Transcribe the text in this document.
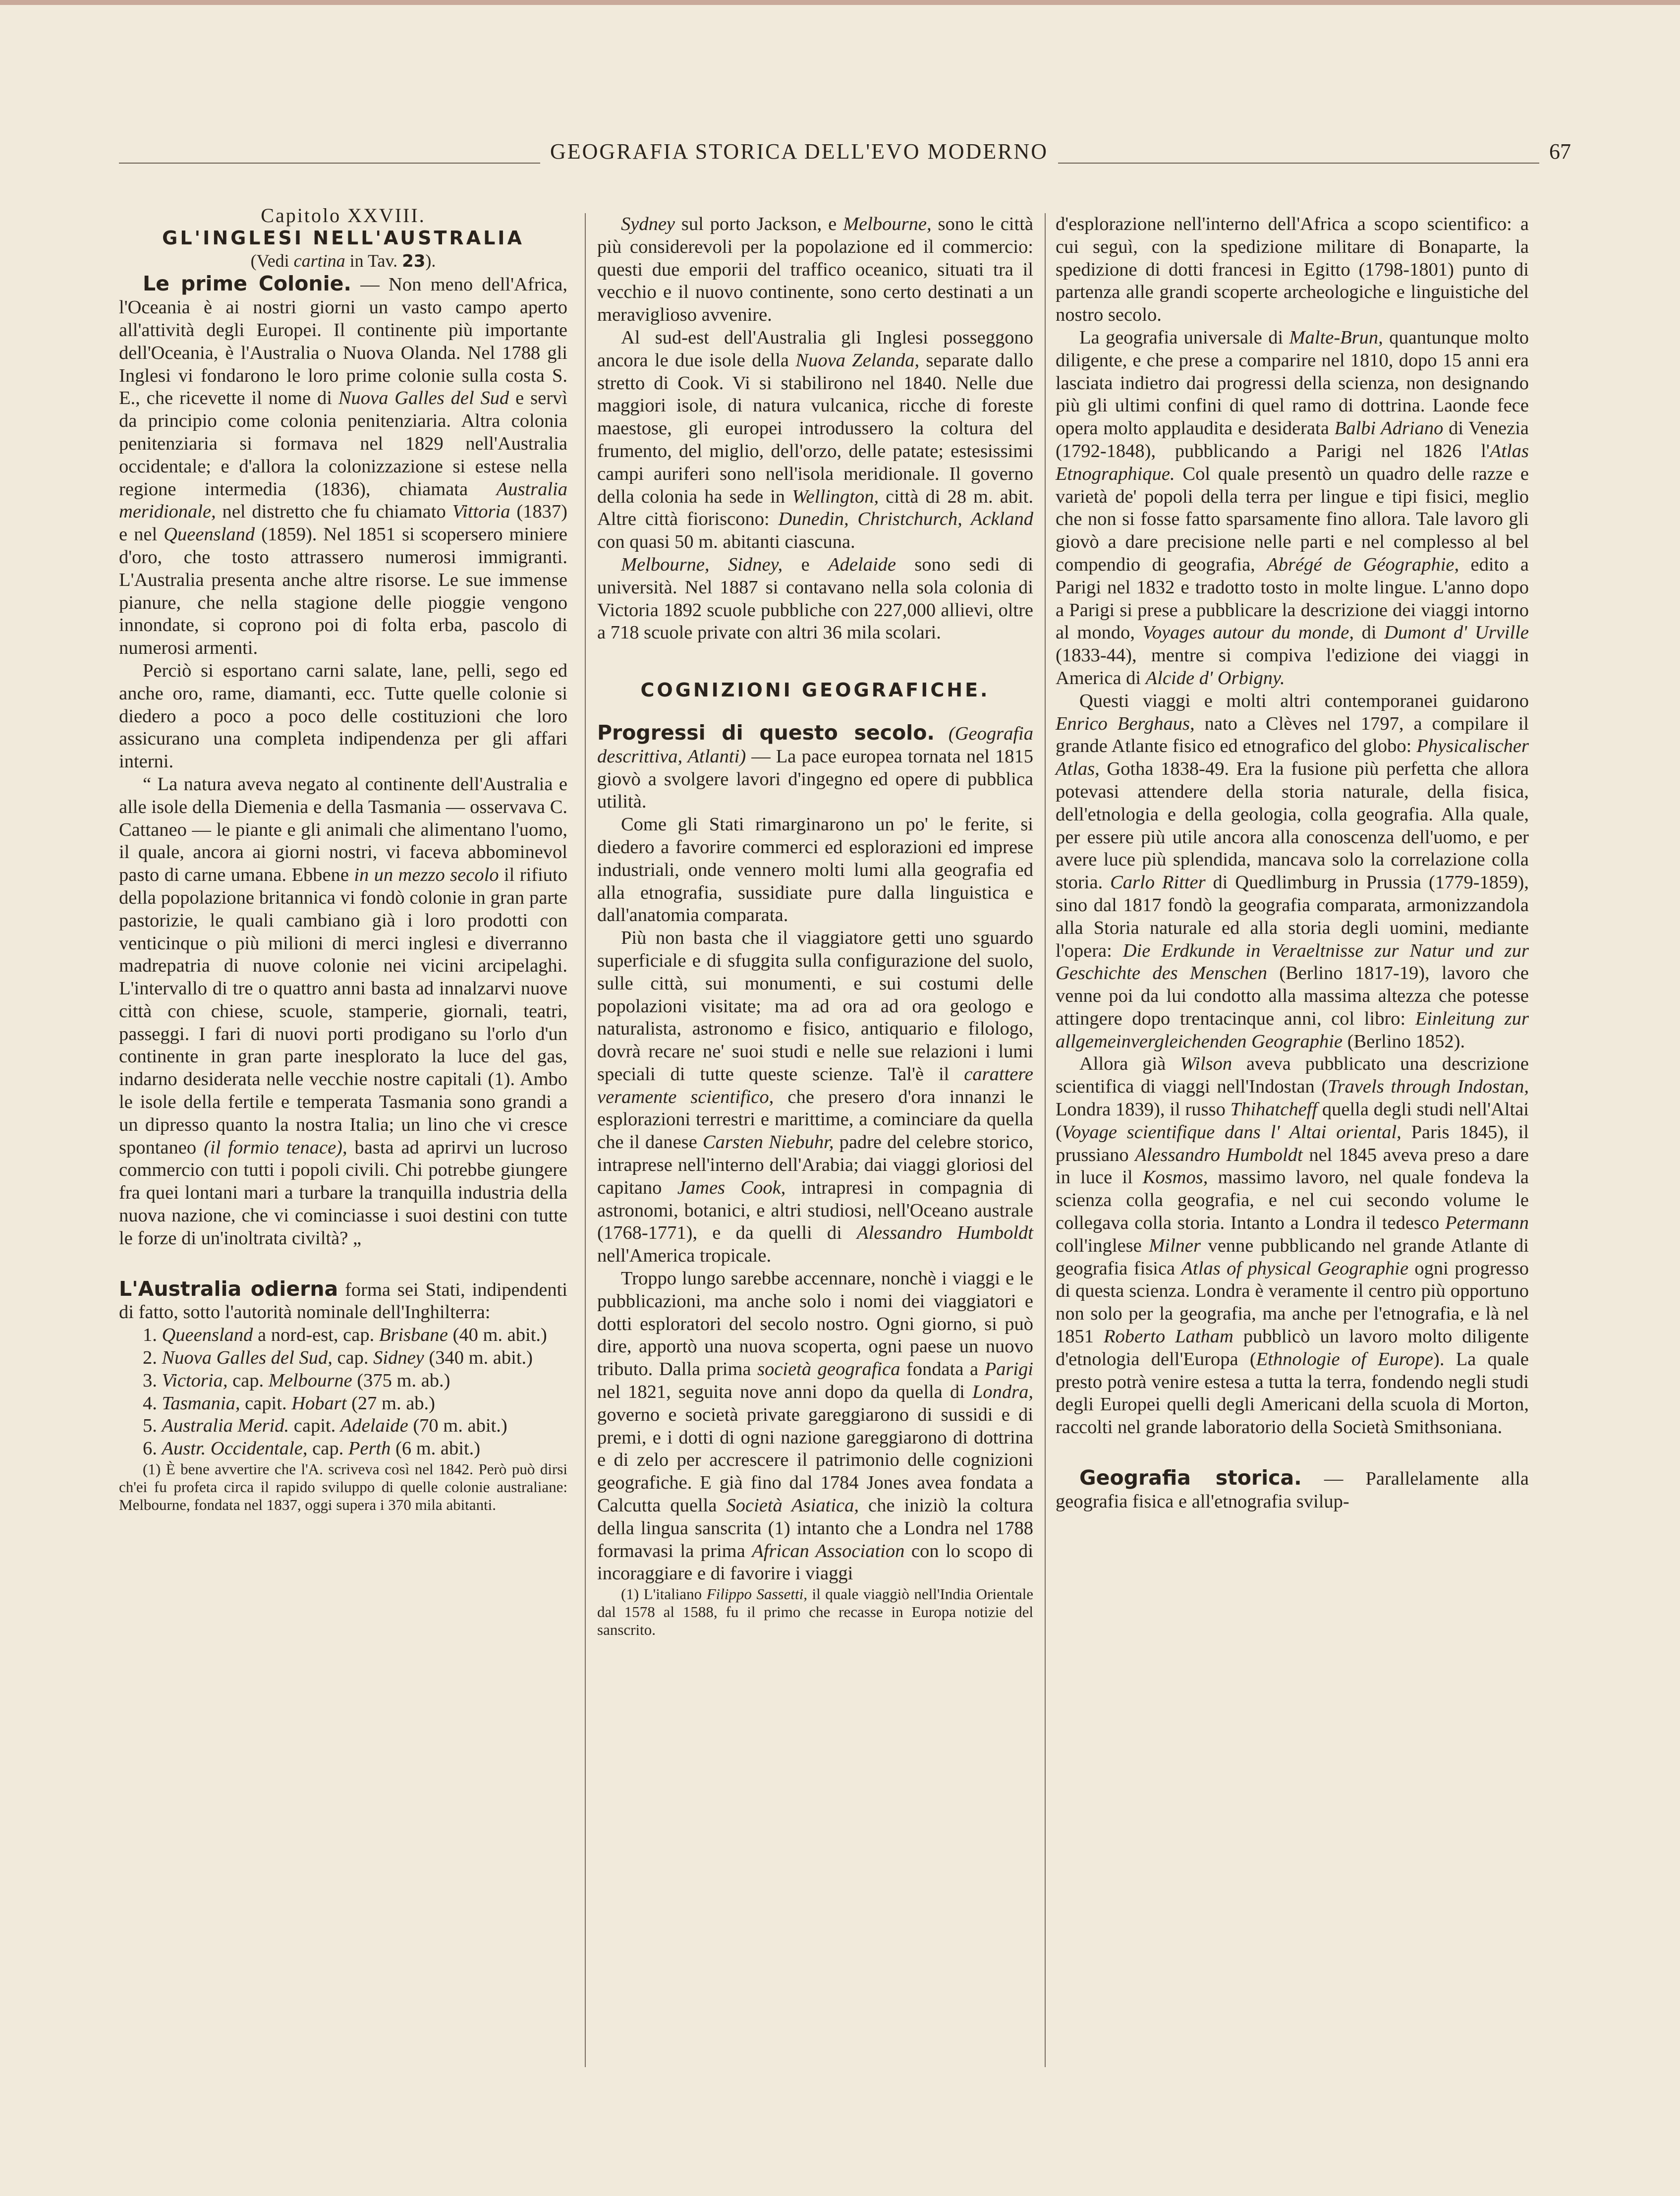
GEOGRAFIA STORICA DELL'EVO MODERNO	67

Capitolo XXVIII.

GL'INGLESI NELL'AUSTRALIA

(Vedi cartina in Tav. 23).

Le prime Colonie. — Non meno dell'Africa, l'Oceania è ai nostri giorni un vasto campo aperto all'attività degli Europei. Il continente più importante dell'Oceania, è l'Australia o Nuova Olanda. Nel 1788 gli Inglesi vi fondarono le loro prime colonie sulla costa S. E., che ricevette il nome di Nuova Galles del Sud e servì da principio come colonia penitenziaria. Altra colonia penitenziaria si formava nel 1829 nell'Australia occidentale; e d'allora la colonizzazione si estese nella regione intermedia (1836), chiamata Australia meridionale, nel distretto che fu chiamato Vittoria (1837) e nel Queensland (1859). Nel 1851 si scopersero miniere d'oro, che tosto attrassero numerosi immigranti. L'Australia presenta anche altre risorse. Le sue immense pianure, che nella stagione delle pioggie vengono innondate, si coprono poi di folta erba, pascolo di numerosi armenti.

Perciò si esportano carni salate, lane, pelli, sego ed anche oro, rame, diamanti, ecc. Tutte quelle colonie si diedero a poco a poco delle costituzioni che loro assicurano una completa indipendenza per gli affari interni.

“ La natura aveva negato al continente dell'Australia e alle isole della Diemenia e della Tasmania — osservava C. Cattaneo — le piante e gli animali che alimentano l'uomo, il quale, ancora ai giorni nostri, vi faceva abbominevol pasto di carne umana. Ebbene in un mezzo secolo il rifiuto della popolazione britannica vi fondò colonie in gran parte pastorizie, le quali cambiano già i loro prodotti con venticinque o più milioni di merci inglesi e diverranno madrepatria di nuove colonie nei vicini arcipelaghi. L'intervallo di tre o quattro anni basta ad innalzarvi nuove città con chiese, scuole, stamperie, giornali, teatri, passeggi. I fari di nuovi porti prodigano su l'orlo d'un continente in gran parte inesplorato la luce del gas, indarno desiderata nelle vecchie nostre capitali (1). Ambo le isole della fertile e temperata Tasmania sono grandi a un dipresso quanto la nostra Italia; un lino che vi cresce spontaneo (il formio tenace), basta ad aprirvi un lucroso commercio con tutti i popoli civili. Chi potrebbe giungere fra quei lontani mari a turbare la tranquilla industria della nuova nazione, che vi cominciasse i suoi destini con tutte le forze di un'inoltrata civiltà? „

L'Australia odierna forma sei Stati, indipendenti di fatto, sotto l'autorità nominale dell'Inghilterra:

1. Queensland a nord-est, cap. Brisbane (40 m. abit.)

2. Nuova Galles del Sud, cap. Sidney (340 m. abit.)

3. Victoria, cap. Melbourne (375 m. ab.)

4. Tasmania, capit. Hobart (27 m. ab.)

5. Australia Merid. capit. Adelaide (70 m. abit.)

6. Austr. Occidentale, cap. Perth (6 m. abit.)

(1) È bene avvertire che l'A. scriveva così nel 1842. Però può dirsi ch'ei fu profeta circa il rapido sviluppo di quelle colonie australiane: Melbourne, fondata nel 1837, oggi supera i 370 mila abitanti.

Sydney sul porto Jackson, e Melbourne, sono le città più considerevoli per la popolazione ed il commercio: questi due emporii del traffico oceanico, situati tra il vecchio e il nuovo continente, sono certo destinati a un meraviglioso avvenire.

Al sud-est dell'Australia gli Inglesi posseggono ancora le due isole della Nuova Zelanda, separate dallo stretto di Cook. Vi si stabilirono nel 1840. Nelle due maggiori isole, di natura vulcanica, ricche di foreste maestose, gli europei introdussero la coltura del frumento, del miglio, dell'orzo, delle patate; estesissimi campi auriferi sono nell'isola meridionale. Il governo della colonia ha sede in Wellington, città di 28 m. abit. Altre città fioriscono: Dunedin, Christchurch, Ackland con quasi 50 m. abitanti ciascuna.

Melbourne, Sidney, e Adelaide sono sedi di università. Nel 1887 si contavano nella sola colonia di Victoria 1892 scuole pubbliche con 227,000 allievi, oltre a 718 scuole private con altri 36 mila scolari.

COGNIZIONI GEOGRAFICHE.

Progressi di questo secolo. (Geografia descrittiva, Atlanti) — La pace europea tornata nel 1815 giovò a svolgere lavori d'ingegno ed opere di pubblica utilità.

Come gli Stati rimarginarono un po' le ferite, si diedero a favorire commerci ed esplorazioni ed imprese industriali, onde vennero molti lumi alla geografia ed alla etnografia, sussidiate pure dalla linguistica e dall'anatomia comparata.

Più non basta che il viaggiatore getti uno sguardo superficiale e di sfuggita sulla configurazione del suolo, sulle città, sui monumenti, e sui costumi delle popolazioni visitate; ma ad ora ad ora geologo e naturalista, astronomo e fisico, antiquario e filologo, dovrà recare ne' suoi studi e nelle sue relazioni i lumi speciali di tutte queste scienze. Tal'è il carattere veramente scientifico, che presero d'ora innanzi le esplorazioni terrestri e marittime, a cominciare da quella che il danese Carsten Niebuhr, padre del celebre storico, intraprese nell'interno dell'Arabia; dai viaggi gloriosi del capitano James Cook, intrapresi in compagnia di astronomi, botanici, e altri studiosi, nell'Oceano australe (1768-1771), e da quelli di Alessandro Humboldt nell'America tropicale.

Troppo lungo sarebbe accennare, nonchè i viaggi e le pubblicazioni, ma anche solo i nomi dei viaggiatori e dotti esploratori del secolo nostro. Ogni giorno, si può dire, apportò una nuova scoperta, ogni paese un nuovo tributo. Dalla prima società geografica fondata a Parigi nel 1821, seguita nove anni dopo da quella di Londra, governo e società private gareggiarono di sussidi e di premi, e i dotti di ogni nazione gareggiarono di dottrina e di zelo per accrescere il patrimonio delle cognizioni geografiche. E già fino dal 1784 Jones avea fondata a Calcutta quella Società Asiatica, che iniziò la coltura della lingua sanscrita (1) intanto che a Londra nel 1788 formavasi la prima African Association con lo scopo di incoraggiare e di favorire i viaggi

(1) L'italiano Filippo Sassetti, il quale viaggiò nell'India Orientale dal 1578 al 1588, fu il primo che recasse in Europa notizie del sanscrito.

d'esplorazione nell'interno dell'Africa a scopo scientifico: a cui seguì, con la spedizione militare di Bonaparte, la spedizione di dotti francesi in Egitto (1798-1801) punto di partenza alle grandi scoperte archeologiche e linguistiche del nostro secolo.

La geografia universale di Malte-Brun, quantunque molto diligente, e che prese a comparire nel 1810, dopo 15 anni era lasciata indietro dai progressi della scienza, non designando più gli ultimi confini di quel ramo di dottrina. Laonde fece opera molto applaudita e desiderata Balbi Adriano di Venezia (1792-1848), pubblicando a Parigi nel 1826 l'Atlas Etnographique. Col quale presentò un quadro delle razze e varietà de' popoli della terra per lingue e tipi fisici, meglio che non si fosse fatto sparsamente fino allora. Tale lavoro gli giovò a dare precisione nelle parti e nel complesso al bel compendio di geografia, Abrégé de Géographie, edito a Parigi nel 1832 e tradotto tosto in molte lingue. L'anno dopo a Parigi si prese a pubblicare la descrizione dei viaggi intorno al mondo, Voyages autour du monde, di Dumont d' Urville (1833-44), mentre si compiva l'edizione dei viaggi in America di Alcide d' Orbigny.

Questi viaggi e molti altri contemporanei guidarono Enrico Berghaus, nato a Clèves nel 1797, a compilare il grande Atlante fisico ed etnografico del globo: Physicalischer Atlas, Gotha 1838-49. Era la fusione più perfetta che allora potevasi attendere della storia naturale, della fisica, dell'etnologia e della geologia, colla geografia. Alla quale, per essere più utile ancora alla conoscenza dell'uomo, e per avere luce più splendida, mancava solo la correlazione colla storia. Carlo Ritter di Quedlimburg in Prussia (1779-1859), sino dal 1817 fondò la geografia comparata, armonizzandola alla Storia naturale ed alla storia degli uomini, mediante l'opera: Die Erdkunde in Veraeltnisse zur Natur und zur Geschichte des Menschen (Berlino 1817-19), lavoro che venne poi da lui condotto alla massima altezza che potesse attingere dopo trentacinque anni, col libro: Einleitung zur allgemeinvergleichenden Geographie (Berlino 1852).

Allora già Wilson aveva pubblicato una descrizione scientifica di viaggi nell'Indostan (Travels through Indostan, Londra 1839), il russo Thihatcheff quella degli studi nell'Altai (Voyage scientifique dans l' Altai oriental, Paris 1845), il prussiano Alessandro Humboldt nel 1845 aveva preso a dare in luce il Kosmos, massimo lavoro, nel quale fondeva la scienza colla geografia, e nel cui secondo volume le collegava colla storia. Intanto a Londra il tedesco Petermann coll'inglese Milner venne pubblicando nel grande Atlante di geografia fisica Atlas of physical Geographie ogni progresso di questa scienza. Londra è veramente il centro più opportuno non solo per la geografia, ma anche per l'etnografia, e là nel 1851 Roberto Latham pubblicò un lavoro molto diligente d'etnologia dell'Europa (Ethnologie of Europe). La quale presto potrà venire estesa a tutta la terra, fondendo negli studi degli Europei quelli degli Americani della scuola di Morton, raccolti nel grande laboratorio della Società Smithsoniana.

Geografia storica. — Parallelamente alla geografia fisica e all'etnografia svilup-
